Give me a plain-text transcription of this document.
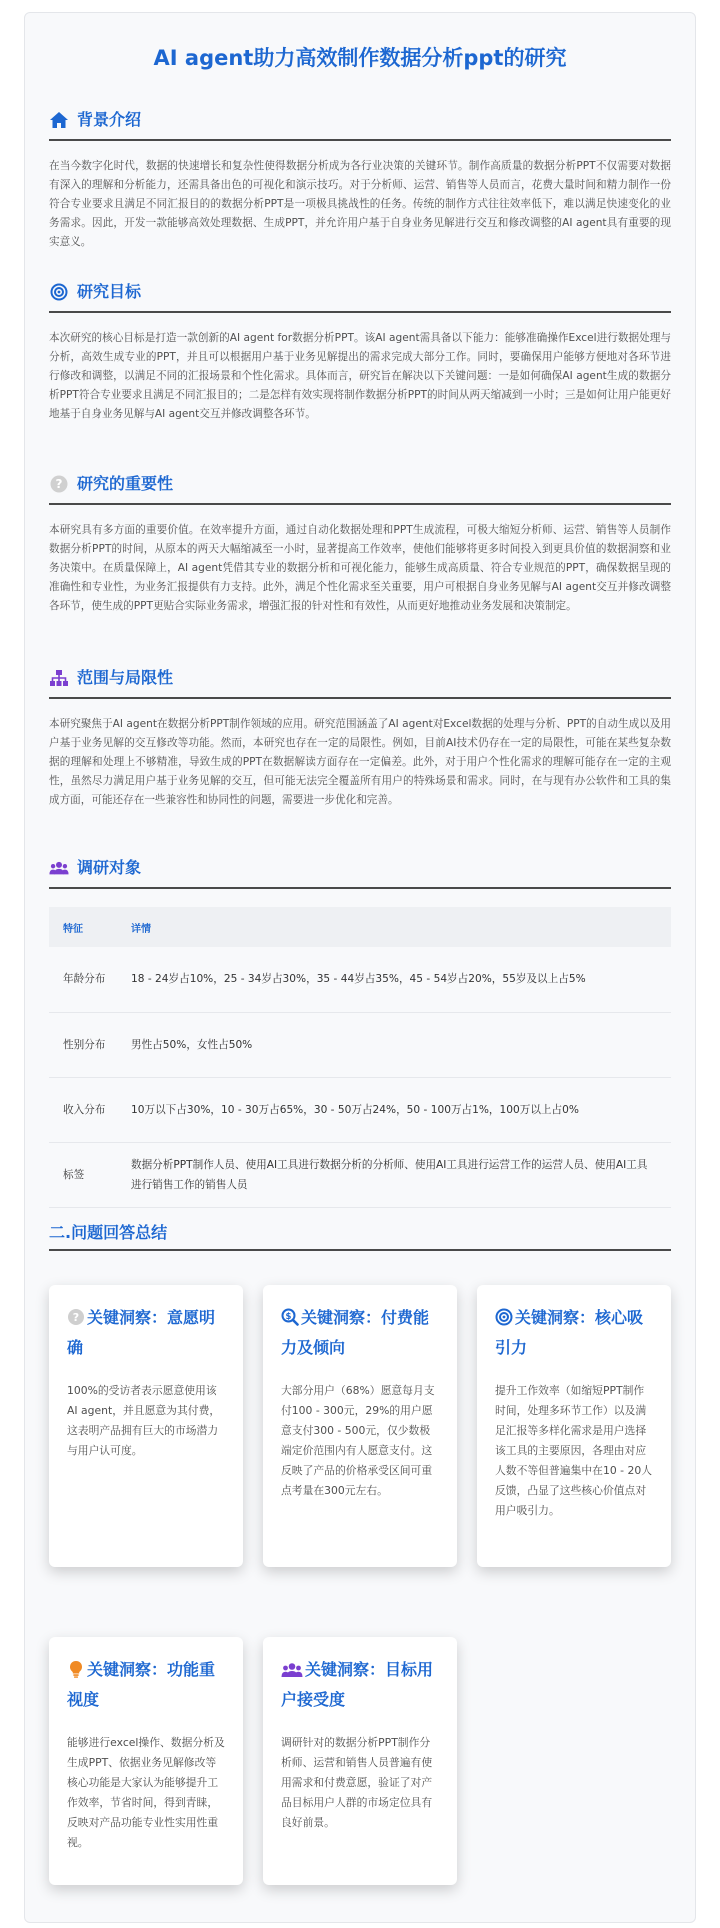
AI agent助力高效制作数据分析ppt的研究
背景介绍

在当今数字化时代，数据的快速增长和复杂性使得数据分析成为各行业决策的关键环节。制作高质量的数据分析PPT不仅需要对数据有深入的理解和分析能力，还需具备出色的可视化和演示技巧。对于分析师、运营、销售等人员而言，花费大量时间和精力制作一份符合专业要求且满足不同汇报目的的数据分析PPT是一项极具挑战性的任务。传统的制作方式往往效率低下，难以满足快速变化的业务需求。因此，开发一款能够高效处理数据、生成PPT，并允许用户基于自身业务见解进行交互和修改调整的AI agent具有重要的现实意义。

研究目标

本次研究的核心目标是打造一款创新的AI agent for数据分析PPT。该AI agent需具备以下能力：能够准确操作Excel进行数据处理与分析，高效生成专业的PPT，并且可以根据用户基于业务见解提出的需求完成大部分工作。同时，要确保用户能够方便地对各环节进行修改和调整，以满足不同的汇报场景和个性化需求。具体而言，研究旨在解决以下关键问题：一是如何确保AI agent生成的数据分析PPT符合专业要求且满足不同汇报目的；二是怎样有效实现将制作数据分析PPT的时间从两天缩减到一小时；三是如何让用户能更好地基于自身业务见解与AI agent交互并修改调整各环节。

? 研究的重要性

本研究具有多方面的重要价值。在效率提升方面，通过自动化数据处理和PPT生成流程，可极大缩短分析师、运营、销售等人员制作数据分析PPT的时间，从原本的两天大幅缩减至一小时，显著提高工作效率，使他们能够将更多时间投入到更具价值的数据洞察和业务决策中。在质量保障上，AI agent凭借其专业的数据分析和可视化能力，能够生成高质量、符合专业规范的PPT，确保数据呈现的准确性和专业性，为业务汇报提供有力支持。此外，满足个性化需求至关重要，用户可根据自身业务见解与AI agent交互并修改调整各环节，使生成的PPT更贴合实际业务需求，增强汇报的针对性和有效性，从而更好地推动业务发展和决策制定。

范围与局限性

本研究聚焦于AI agent在数据分析PPT制作领域的应用。研究范围涵盖了AI agent对Excel数据的处理与分析、PPT的自动生成以及用户基于业务见解的交互修改等功能。然而，本研究也存在一定的局限性。例如，目前AI技术仍存在一定的局限性，可能在某些复杂数据的理解和处理上不够精准，导致生成的PPT在数据解读方面存在一定偏差。此外，对于用户个性化需求的理解可能存在一定的主观性，虽然尽力满足用户基于业务见解的交互，但可能无法完全覆盖所有用户的特殊场景和需求。同时，在与现有办公软件和工具的集成方面，可能还存在一些兼容性和协同性的问题，需要进一步优化和完善。

调研对象
特征	详情
年龄分布	18 - 24岁占10%，25 - 34岁占30%，35 - 44岁占35%，45 - 54岁占20%，55岁及以上占5%
性别分布	男性占50%，女性占50%
收入分布	10万以下占30%，10 - 30万占65%，30 - 50万占24%，50 - 100万占1%，100万以上占0%
标签	数据分析PPT制作人员、使用AI工具进行数据分析的分析师、使用AI工具进行运营工作的运营人员、使用AI工具进行销售工作的销售人员
二.问题回答总结
? 关键洞察：意愿明确

100%的受访者表示愿意使用该AI agent，并且愿意为其付费，这表明产品拥有巨大的市场潜力与用户认可度。

$ 关键洞察：付费能力及倾向

大部分用户（68%）愿意每月支付100 - 300元，29%的用户愿意支付300 - 500元，仅少数极端定价范围内有人愿意支付。这反映了产品的价格承受区间可重点考量在300元左右。

关键洞察：核心吸引力

提升工作效率（如缩短PPT制作时间，处理多环节工作）以及满足汇报等多样化需求是用户选择该工具的主要原因，各理由对应人数不等但普遍集中在10 - 20人反馈，凸显了这些核心价值点对用户吸引力。

关键洞察：功能重视度

能够进行excel操作、数据分析及生成PPT、依据业务见解修改等核心功能是大家认为能够提升工作效率，节省时间，得到青睐，反映对产品功能专业性实用性重视。

关键洞察：目标用户接受度

调研针对的数据分析PPT制作分析师、运营和销售人员普遍有使用需求和付费意愿，验证了对产品目标用户人群的市场定位具有良好前景。
